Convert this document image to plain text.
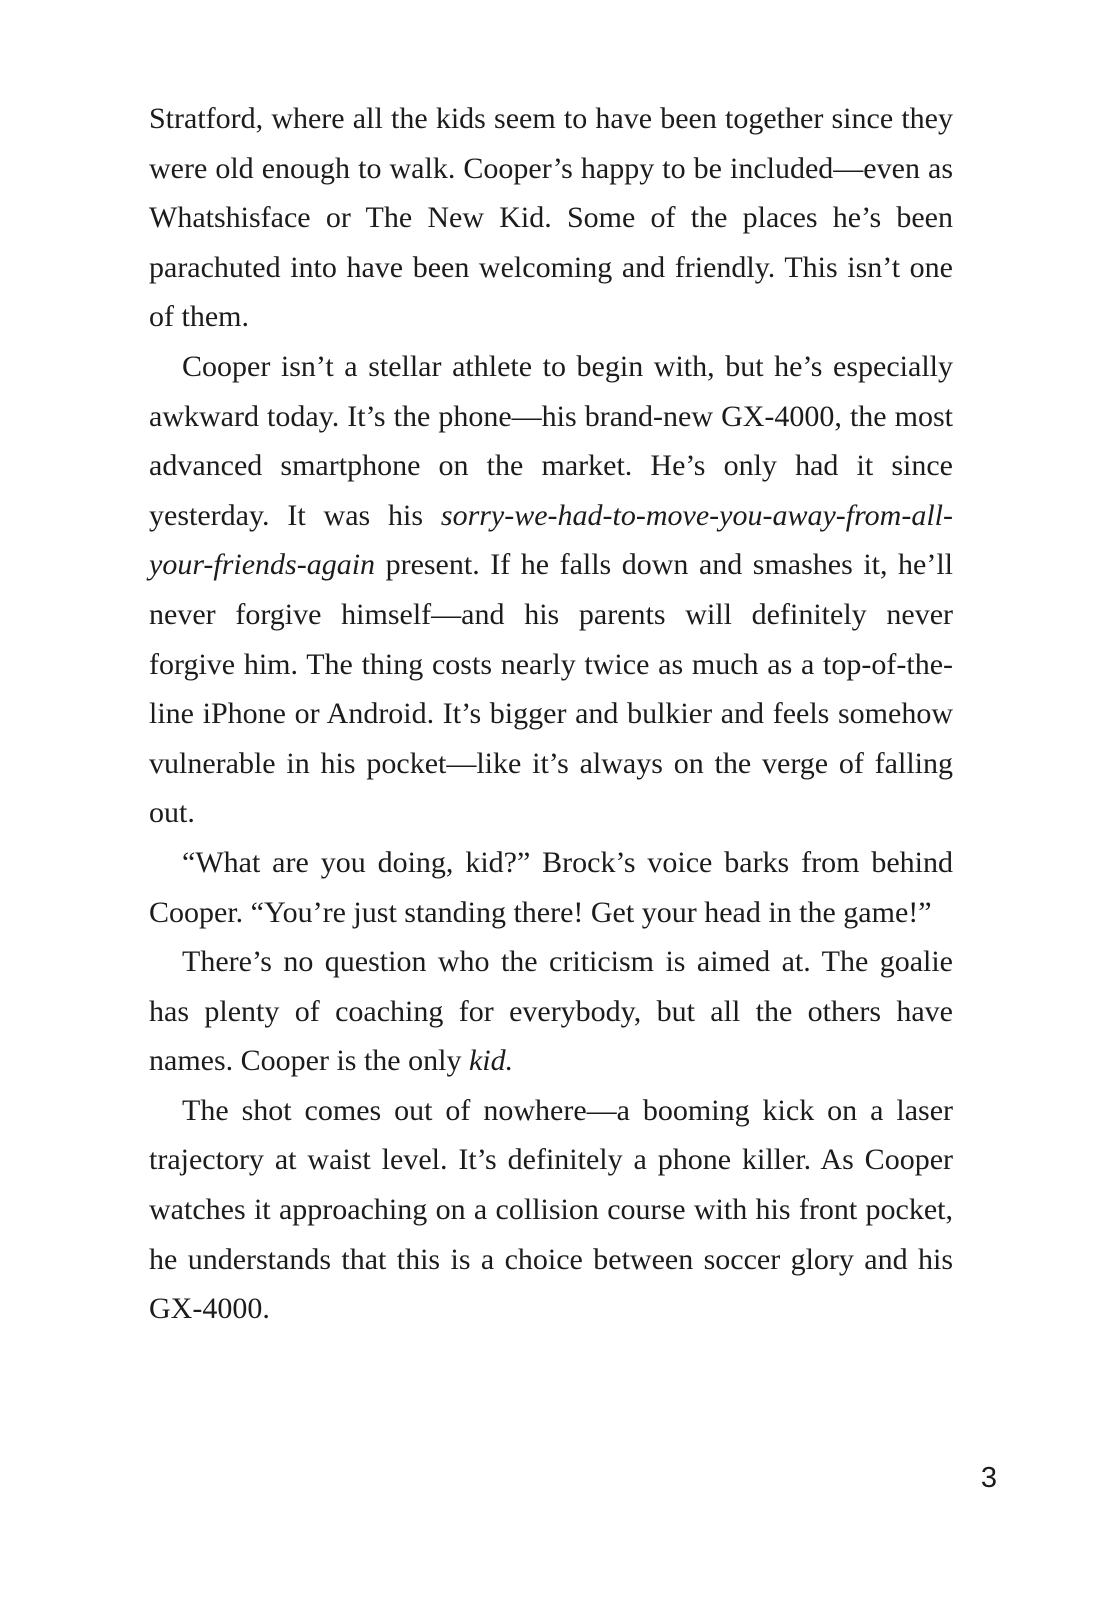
Stratford, where all the kids seem to have been together since they were old enough to walk. Cooper’s happy to be included—even as Whatshisface or The New Kid. Some of the places he’s been parachuted into have been welcoming and friendly. This isn’t one of them.

Cooper isn’t a stellar athlete to begin with, but he’s especially awkward today. It’s the phone—his brand-new GX-4000, the most advanced smartphone on the market. He’s only had it since yesterday. It was his sorry-we-had-to-move-you-away-from-all-your-friends-again present. If he falls down and smashes it, he’ll never forgive himself—and his parents will definitely never forgive him. The thing costs nearly twice as much as a top-of-the-line iPhone or Android. It’s bigger and bulkier and feels somehow vulnerable in his pocket—like it’s always on the verge of falling out.

“What are you doing, kid?” Brock’s voice barks from behind Cooper. “You’re just standing there! Get your head in the game!”

There’s no question who the criticism is aimed at. The goalie has plenty of coaching for everybody, but all the others have names. Cooper is the only kid.

The shot comes out of nowhere—a booming kick on a laser trajectory at waist level. It’s definitely a phone killer. As Cooper watches it approaching on a collision course with his front pocket, he understands that this is a choice between soccer glory and his GX-4000.

3
